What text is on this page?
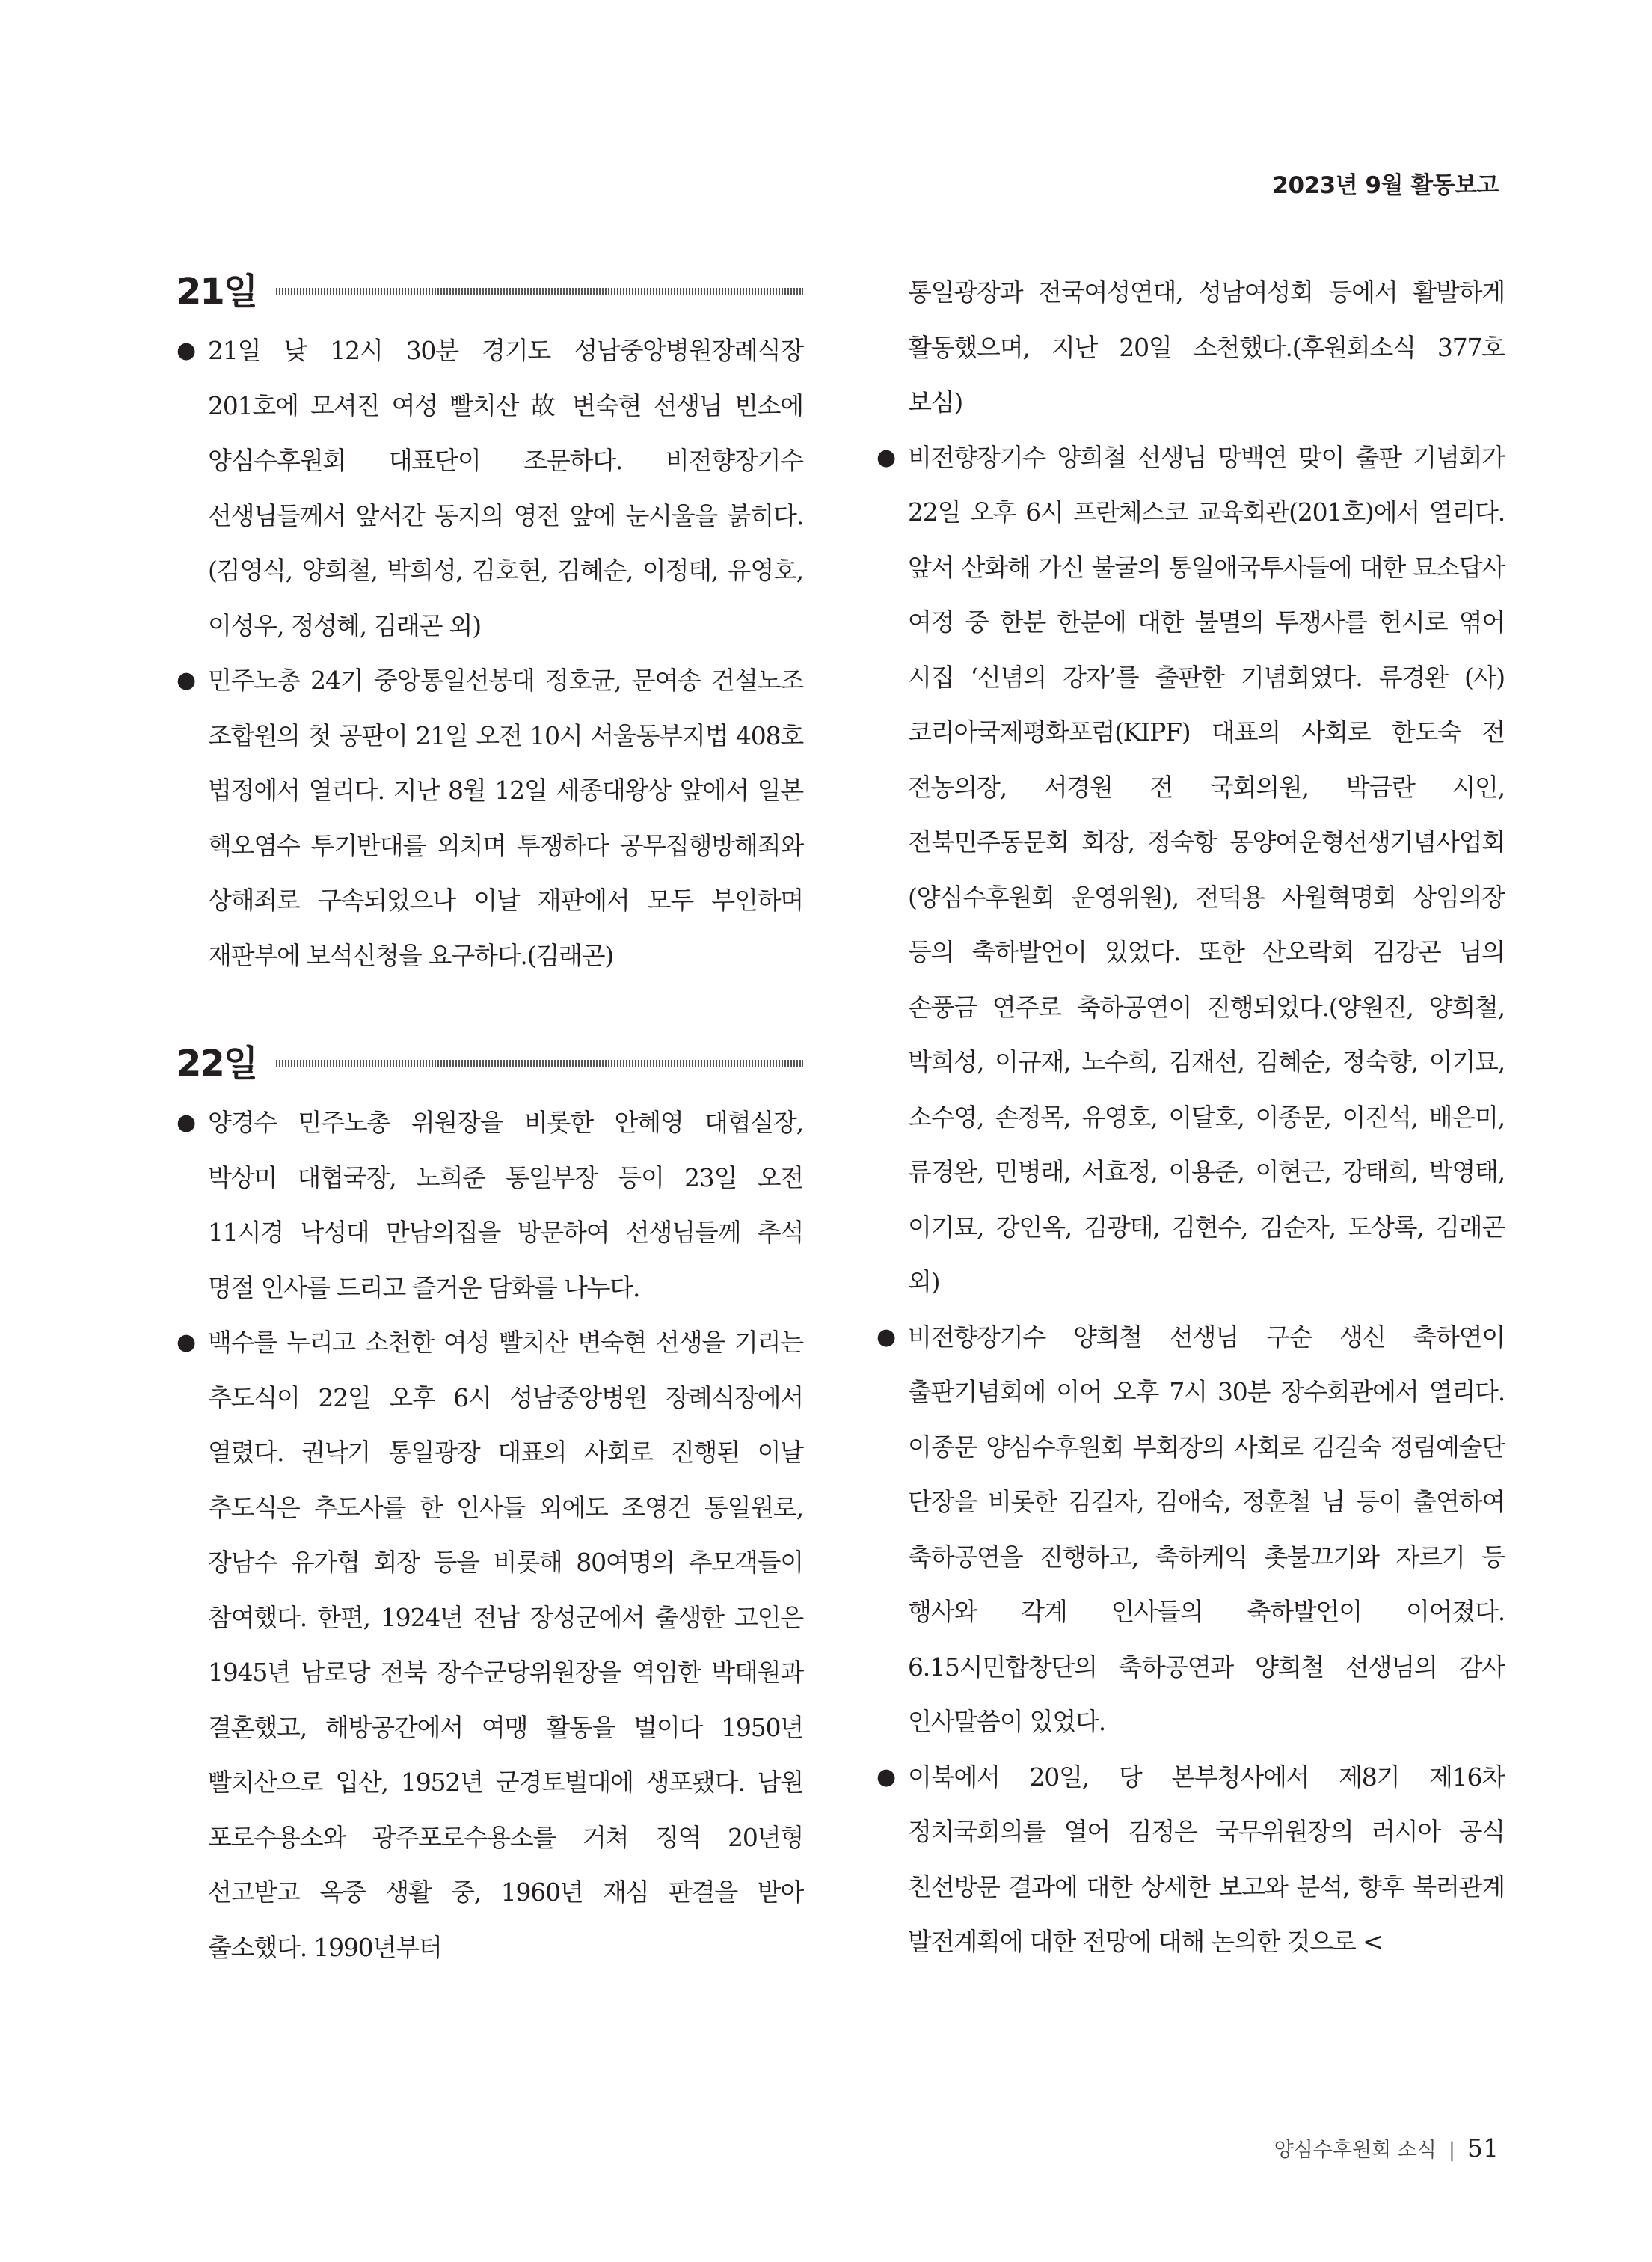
2023년 9월 활동보고
21일
● 21일 낮 12시 30분 경기도 성남중앙병원장례식장 201호에 모셔진 여성 빨치산 故 변숙현 선생님 빈소에 양심수후원회 대표단이 조문하다. 비전향장기수 선생님들께서 앞서간 동지의 영전 앞에 눈시울을 붉히다.(김영식, 양희철, 박희성, 김호현, 김혜순, 이정태, 유영호, 이성우, 정성혜, 김래곤 외)
● 민주노총 24기 중앙통일선봉대 정호균, 문여송 건설노조 조합원의 첫 공판이 21일 오전 10시 서울동부지법 408호 법정에서 열리다. 지난 8월 12일 세종대왕상 앞에서 일본 핵오염수 투기반대를 외치며 투쟁하다 공무집행방해죄와 상해죄로 구속되었으나 이날 재판에서 모두 부인하며 재판부에 보석신청을 요구하다.(김래곤)
22일
● 양경수 민주노총 위원장을 비롯한 안혜영 대협실장, 박상미 대협국장, 노희준 통일부장 등이 23일 오전 11시경 낙성대 만남의집을 방문하여 선생님들께 추석 명절 인사를 드리고 즐거운 담화를 나누다.
● 백수를 누리고 소천한 여성 빨치산 변숙현 선생을 기리는 추도식이 22일 오후 6시 성남중앙병원 장례식장에서 열렸다. 권낙기 통일광장 대표의 사회로 진행된 이날 추도식은 추도사를 한 인사들 외에도 조영건 통일원로, 장남수 유가협 회장 등을 비롯해 80여명의 추모객들이 참여했다. 한편, 1924년 전남 장성군에서 출생한 고인은 1945년 남로당 전북 장수군당위원장을 역임한 박태원과 결혼했고, 해방공간에서 여맹 활동을 벌이다 1950년 빨치산으로 입산, 1952년 군경토벌대에 생포됐다. 남원 포로수용소와 광주포로수용소를 거쳐 징역 20년형 선고받고 옥중 생활 중, 1960년 재심 판결을 받아 출소했다. 1990년부터
통일광장과 전국여성연대, 성남여성회 등에서 활발하게 활동했으며, 지난 20일 소천했다.(후원회소식 377호 보심)
● 비전향장기수 양희철 선생님 망백연 맞이 출판 기념회가 22일 오후 6시 프란체스코 교육회관(201호)에서 열리다. 앞서 산화해 가신 불굴의 통일애국투사들에 대한 묘소답사 여정 중 한분 한분에 대한 불멸의 투쟁사를 헌시로 엮어 시집 ‘신념의 강자’를 출판한 기념회였다. 류경완 (사)코리아국제평화포럼(KIPF) 대표의 사회로 한도숙 전 전농의장, 서경원 전 국회의원, 박금란 시인, 전북민주동문회 회장, 정숙항 몽양여운형선생기념사업회(양심수후원회 운영위원), 전덕용 사월혁명회 상임의장 등의 축하발언이 있었다. 또한 산오락회 김강곤 님의 손풍금 연주로 축하공연이 진행되었다.(양원진, 양희철, 박희성, 이규재, 노수희, 김재선, 김혜순, 정숙향, 이기묘, 소수영, 손정목, 유영호, 이달호, 이종문, 이진석, 배은미, 류경완, 민병래, 서효정, 이용준, 이현근, 강태희, 박영태, 이기묘, 강인옥, 김광태, 김현수, 김순자, 도상록, 김래곤 외)
● 비전향장기수 양희철 선생님 구순 생신 축하연이 출판기념회에 이어 오후 7시 30분 장수회관에서 열리다. 이종문 양심수후원회 부회장의 사회로 김길숙 정림예술단 단장을 비롯한 김길자, 김애숙, 정훈철 님 등이 출연하여 축하공연을 진행하고, 축하케익 촛불끄기와 자르기 등 행사와 각계 인사들의 축하발언이 이어졌다. 6.15시민합창단의 축하공연과 양희철 선생님의 감사 인사말씀이 있었다.
● 이북에서 20일, 당 본부청사에서 제8기 제16차 정치국회의를 열어 김정은 국무위원장의 러시아 공식 친선방문 결과에 대한 상세한 보고와 분석, 향후 북러관계 발전계획에 대한 전망에 대해 논의한 것으로 <
양심수후원회 소식 | 51
